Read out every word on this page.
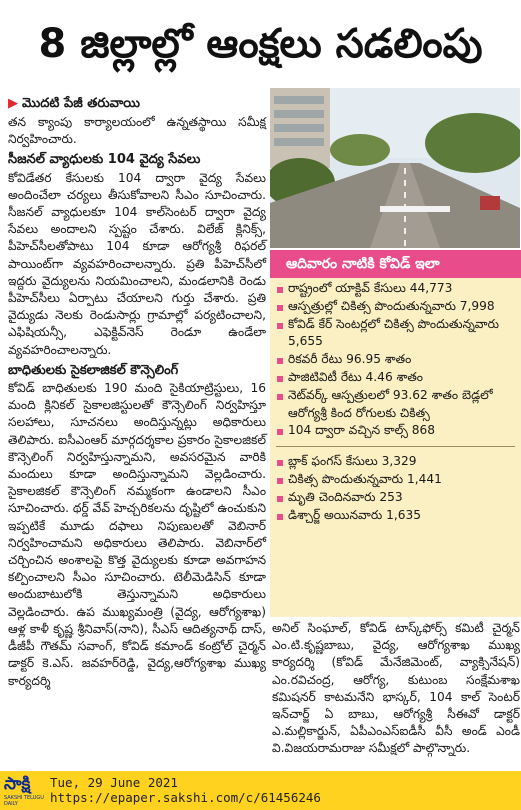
8 జిల్లాల్లో ఆంక్షలు సడలింపు
▶ మొదటి పేజీ తరువాయి

తన క్యాంపు కార్యాలయంలో ఉన్నతస్థాయి సమీక్ష నిర్వహించారు.

సీజనల్ వ్యాధులకు 104 వైద్య సేవలు

కోవిడేతర కేసులకు 104 ద్వారా వైద్య సేవలు అందించేలా చర్యలు తీసుకోవాలని సీఎం సూచించారు. సీజనల్ వ్యాధులకూ 104 కాల్‌సెంటర్ ద్వారా వైద్య సేవలు అందాలని స్పష్టం చేశారు. విలేజ్ క్లినిక్స్, పీహెచ్‌సీలతోపాటు 104 కూడా ఆరోగ్యశ్రీ రిఫరల్ పాయింట్‌గా వ్యవహరించాలన్నారు. ప్రతి పీహెచ్‌సీలో ఇద్దరు వైద్యులను నియమించాలని, మండలానికి రెండు పీహెచ్‌సీలు ఏర్పాటు చేయాలని గుర్తు చేశారు. ప్రతి వైద్యుడు నెలకు రెండుసార్లు గ్రామాల్లో పర్యటించాలని, ఎఫిషియన్సీ, ఎఫెక్టివ్‌నెస్ రెండూ ఉండేలా వ్యవహరించాలన్నారు.

బాధితులకు సైకలాజికల్ కౌన్సెలింగ్

కోవిడ్ బాధితులకు 190 మంది సైకియాట్రిస్టులు, 16 మంది క్లినికల్ సైకాలజిస్టులతో కౌన్సెలింగ్ నిర్వహిస్తూ సలహాలు, సూచనలు అందిస్తున్నట్లు అధికారులు తెలిపారు. ఐసీఎంఆర్ మార్గదర్శకాల ప్రకారం సైకాలజికల్ కౌన్సెలింగ్ నిర్వహిస్తున్నామని, అవసరమైన వారికి మందులు కూడా అందిస్తున్నామని వెల్లడించారు. సైకాలజికల్ కౌన్సెలింగ్ నమ్మకంగా ఉండాలని సీఎం సూచించారు. థర్డ్ వేవ్ హెచ్చరికలను దృష్టిలో ఉంచుకుని ఇప్పటికే మూడు దఫాలు నిపుణులతో వెబినార్ నిర్వహించామని అధికారులు తెలిపారు. వెబినార్‌లో చర్చించిన అంశాలపై కొత్త వైద్యులకు కూడా అవగాహన కల్పించాలని సీఎం సూచించారు. టెలీమెడిసిన్ కూడా అందుబాటులోకి తెస్తున్నామని అధికారులు వెల్లడించారు. ఉప ముఖ్యమంత్రి (వైద్య, ఆరోగ్యశాఖ) ఆళ్ల కాళీ కృష్ణ శ్రీనివాస్(నాని), సీఎస్ ఆదిత్యనాథ్ దాస్, డీజీపీ గౌతమ్ సవాంగ్, కోవిడ్ కమాండ్ కంట్రోల్ చైర్మన్ డాక్టర్ కె.ఎస్. జవహర్‌రెడ్డి, వైద్య,ఆరోగ్యశాఖ ముఖ్య కార్యదర్శి

ఆదివారం నాటికి కోవిడ్ ఇలా
రాష్ట్రంలో యాక్టివ్ కేసులు 44,773
ఆస్పత్రుల్లో చికిత్స పొందుతున్నవారు 7,998
కోవిడ్ కేర్ సెంటర్లలో చికిత్స పొందుతున్నవారు 5,655
రికవరీ రేటు 96.95 శాతం
పాజిటివిటీ రేటు 4.46 శాతం
నెట్‌వర్క్ ఆస్పత్రులలో 93.62 శాతం బెడ్లలో ఆరోగ్యశ్రీ కింద రోగులకు చికిత్స
104 ద్వారా వచ్చిన కాల్స్ 868
బ్లాక్ ఫంగస్ కేసులు 3,329
చికిత్స పొందుతున్నవారు 1,441
మృతి చెందినవారు 253
డిశ్చార్జ్ అయినవారు 1,635

అనిల్ సింఘాల్, కోవిడ్ టాస్క్‌ఫోర్స్ కమిటీ చైర్మన్ ఎం.టి.కృష్ణబాబు, వైద్య, ఆరోగ్యశాఖ ముఖ్య కార్యదర్శి (కోవిడ్ మేనేజిమెంట్, వ్యాక్సినేషన్) ఎం.రవిచంద్ర, ఆరోగ్య, కుటుంబ సంక్షేమశాఖ కమిషనర్ కాటమనేని భాస్కర్, 104 కాల్ సెంటర్ ఇన్‌చార్జ్ ఏ బాబు, ఆరోగ్యశ్రీ సీఈవో డాక్టర్ ఎ.మల్లికార్జున్, ఏపీఎంఎస్ఐడీసీ వీసీ అండ్ ఎండీ వి.విజయరామరాజు సమీక్షలో పాల్గొన్నారు.

సాక్షి
SAKSHI TELUGU DAILY
Tue, 29 June 2021
https://epaper.sakshi.com/c/61456246
